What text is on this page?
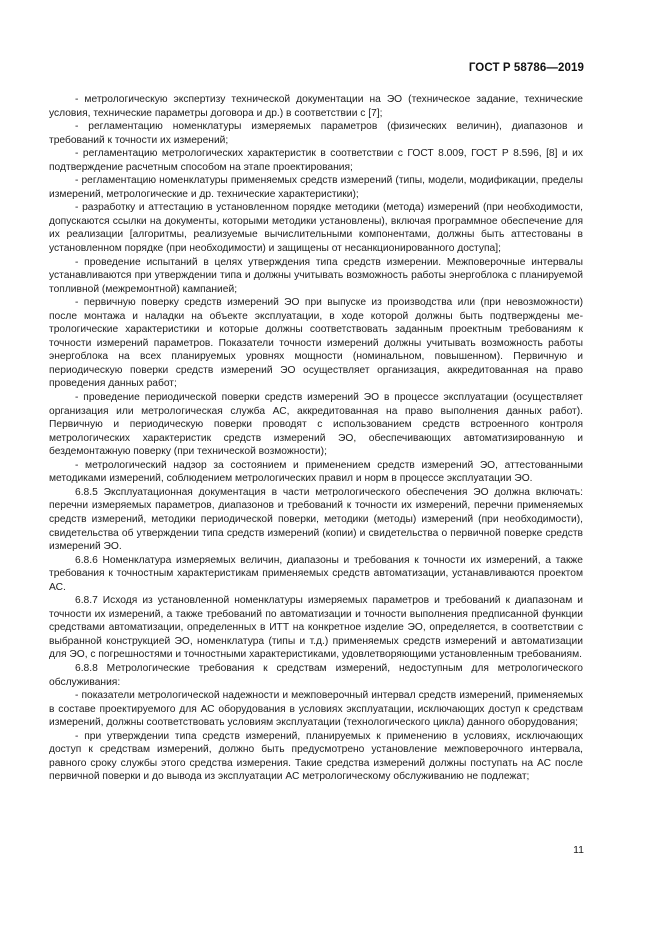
ГОСТ Р 58786—2019

- метрологическую экспертизу технической документации на ЭО (техническое задание, технические условия, технические параметры договора и др.) в соответствии с [7];

- регламентацию номенклатуры измеряемых параметров (физических величин), диапазонов и требований к точности их измерений;

- регламентацию метрологических характеристик в соответствии с ГОСТ 8.009, ГОСТ Р 8.596, [8] и их подтверждение расчетным способом на этапе проектирования;

- регламентацию номенклатуры применяемых средств измерений (типы, модели, модификации, пределы измерений, метрологические и др. технические характеристики);

- разработку и аттестацию в установленном порядке методики (метода) измерений (при необходимости, допускаются ссылки на документы, которыми методики установлены), включая программное обеспечение для их реализации [алгоритмы, реализуемые вычислительными компонентами, должны быть аттестованы в установленном порядке (при необходимости) и защищены от несанкционированного доступа];

- проведение испытаний в целях утверждения типа средств измерении. Межповерочные интервалы устанавливаются при утверждении типа и должны учитывать возможность работы энергоблока с планируемой топливной (межремонтной) кампанией;

- первичную поверку средств измерений ЭО при выпуске из производства или (при невозможности) после монтажа и наладки на объекте эксплуатации, в ходе которой должны быть подтверждены метрологические характеристики и которые должны соответствовать заданным проектным требованиям к точности измерений параметров. Показатели точности измерений должны учитывать возможность работы энергоблока на всех планируемых уровнях мощности (номинальном, повышенном). Первичную и периодическую поверки средств измерений ЭО осуществляет организация, аккредитованная на право проведения данных работ;

- проведение периодической поверки средств измерений ЭО в процессе эксплуатации (осуществляет организация или метрологическая служба АС, аккредитованная на право выполнения данных работ). Первичную и периодическую поверки проводят с использованием средств встроенного контроля метрологических характеристик средств измерений ЭО, обеспечивающих автоматизированную и бездемонтажную поверку (при технической возможности);

- метрологический надзор за состоянием и применением средств измерений ЭО, аттестованными методиками измерений, соблюдением метрологических правил и норм в процессе эксплуатации ЭО.

6.8.5 Эксплуатационная документация в части метрологического обеспечения ЭО должна включать: перечни измеряемых параметров, диапазонов и требований к точности их измерений, перечни применяемых средств измерений, методики периодической поверки, методики (методы) измерений (при необходимости), свидетельства об утверждении типа средств измерений (копии) и свидетельства о первичной поверке средств измерений ЭО.

6.8.6 Номенклатура измеряемых величин, диапазоны и требования к точности их измерений, а также требования к точностным характеристикам применяемых средств автоматизации, устанавливаются проектом АС.

6.8.7 Исходя из установленной номенклатуры измеряемых параметров и требований к диапазонам и точности их измерений, а также требований по автоматизации и точности выполнения предписанной функции средствами автоматизации, определенных в ИТТ на конкретное изделие ЭО, определяется, в соответствии с выбранной конструкцией ЭО, номенклатура (типы и т.д.) применяемых средств измерений и автоматизации для ЭО, с погрешностями и точностными характеристиками, удовлетворяющими установленным требованиям.

6.8.8 Метрологические требования к средствам измерений, недоступным для метрологического обслуживания:

- показатели метрологической надежности и межповерочный интервал средств измерений, применяемых в составе проектируемого для АС оборудования в условиях эксплуатации, исключающих доступ к средствам измерений, должны соответствовать условиям эксплуатации (технологического цикла) данного оборудования;

- при утверждении типа средств измерений, планируемых к применению в условиях, исключающих доступ к средствам измерений, должно быть предусмотрено установление межповерочного интервала, равного сроку службы этого средства измерения. Такие средства измерений должны поступать на АС после первичной поверки и до вывода из эксплуатации АС метрологическому обслуживанию не подлежат;

11
